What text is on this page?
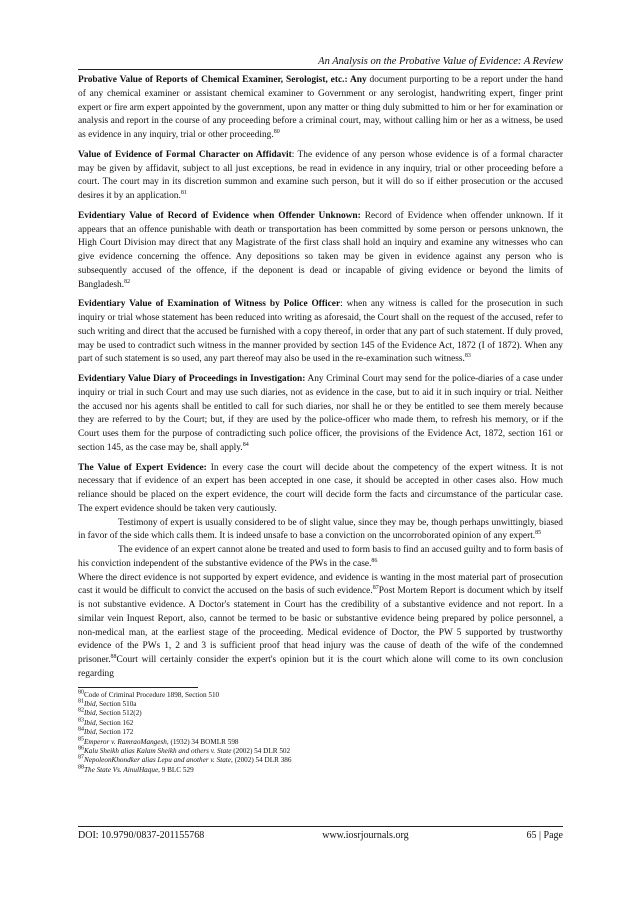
An Analysis on the Probative Value of Evidence: A Review

Probative Value of Reports of Chemical Examiner, Serologist, etc.: Any document purporting to be a report under the hand of any chemical examiner or assistant chemical examiner to Government or any serologist, handwriting expert, finger print expert or fire arm expert appointed by the government, upon any matter or thing duly submitted to him or her for examination or analysis and report in the course of any proceeding before a criminal court, may, without calling him or her as a witness, be used as evidence in any inquiry, trial or other proceeding.$^{80}$

Value of Evidence of Formal Character on Affidavit: The evidence of any person whose evidence is of a formal character may be given by affidavit, subject to all just exceptions, be read in evidence in any inquiry, trial or other proceeding before a court. The court may in its discretion summon and examine such person, but it will do so if either prosecution or the accused desires it by an application.$^{81}$

Evidentiary Value of Record of Evidence when Offender Unknown: Record of Evidence when offender unknown. If it appears that an offence punishable with death or transportation has been committed by some person or persons unknown, the High Court Division may direct that any Magistrate of the first class shall hold an inquiry and examine any witnesses who can give evidence concerning the offence. Any depositions so taken may be given in evidence against any person who is subsequently accused of the offence, if the deponent is dead or incapable of giving evidence or beyond the limits of Bangladesh.$^{82}$

Evidentiary Value of Examination of Witness by Police Officer: when any witness is called for the prosecution in such inquiry or trial whose statement has been reduced into writing as aforesaid, the Court shall on the request of the accused, refer to such writing and direct that the accused be furnished with a copy thereof, in order that any part of such statement. If duly proved, may be used to contradict such witness in the manner provided by section 145 of the Evidence Act, 1872 (I of 1872). When any part of such statement is so used, any part thereof may also be used in the re-examination such witness.$^{83}$

Evidentiary Value Diary of Proceedings in Investigation: Any Criminal Court may send for the police-diaries of a case under inquiry or trial in such Court and may use such diaries, not as evidence in the case, but to aid it in such inquiry or trial. Neither the accused nor his agents shall be entitled to call for such diaries, nor shall he or they be entitled to see them merely because they are referred to by the Court; but, if they are used by the police-officer who made them, to refresh his memory, or if the Court uses them for the purpose of contradicting such police officer, the provisions of the Evidence Act, 1872, section 161 or section 145, as the case may be, shall apply.$^{84}$

The Value of Expert Evidence: In every case the court will decide about the competency of the expert witness. It is not necessary that if evidence of an expert has been accepted in one case, it should be accepted in other cases also. How much reliance should be placed on the expert evidence, the court will decide form the facts and circumstance of the particular case. The expert evidence should be taken very cautiously.

Testimony of expert is usually considered to be of slight value, since they may be, though perhaps unwittingly, biased in favor of the side which calls them. It is indeed unsafe to base a conviction on the uncorroborated opinion of any expert.$^{85}$

The evidence of an expert cannot alone be treated and used to form basis to find an accused guilty and to form basis of his conviction independent of the substantive evidence of the PWs in the case.$^{86}$

Where the direct evidence is not supported by expert evidence, and evidence is wanting in the most material part of prosecution cast it would be difficult to convict the accused on the basis of such evidence.$^{87}$Post Mortem Report is document which by itself is not substantive evidence. A Doctor's statement in Court has the credibility of a substantive evidence and not report. In a similar vein Inquest Report, also, cannot be termed to be basic or substantive evidence being prepared by police personnel, a non-medical man, at the earliest stage of the proceeding. Medical evidence of Doctor, the PW 5 supported by trustworthy evidence of the PWs 1, 2 and 3 is sufficient proof that head injury was the cause of death of the wife of the condemned prisoner.$^{88}$Court will certainly consider the expert's opinion but it is the court which alone will come to its own conclusion regarding

$^{80}$Code of Criminal Procedure 1898, Section 510
$^{81}$Ibid, Section 510a
$^{82}$Ibid, Section 512(2)
$^{83}$Ibid, Section 162
$^{84}$Ibid, Section 172
$^{85}$Emperor v. RamraoMangesh, (1932) 34 BOMLR 598
$^{86}$Kalu Sheikh alias Kalam Sheikh and others v. State (2002) 54 DLR 502
$^{87}$NepoleonKhondker alias Lepu and another v. State, (2002) 54 DLR 386
$^{88}$The State Vs. AinulHaque, 9 BLC 529
DOI: 10.9790/0837-201155768	www.iosrjournals.org	65 | Page
